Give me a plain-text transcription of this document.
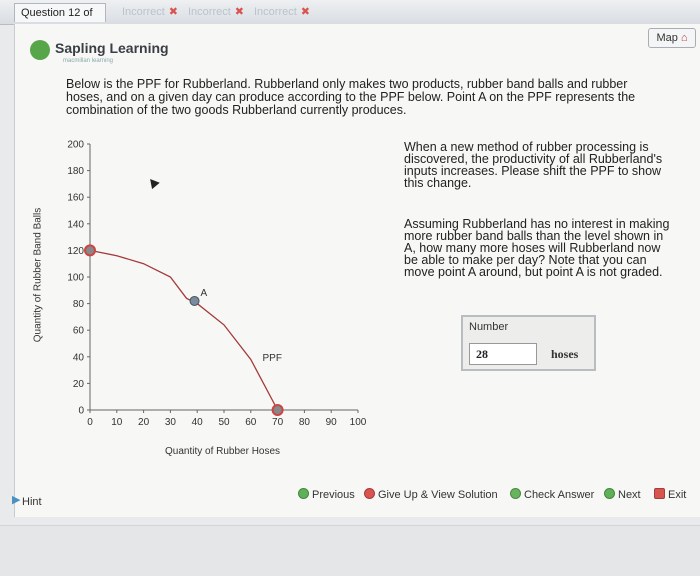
Question 12 of	Incorrect ✖ Incorrect ✖ Incorrect ✖
Map ⌂
Sapling Learning
macmillan learning
Below is the PPF for Rubberland. Rubberland only makes two products, rubber band balls and rubber hoses, and on a given day can produce according to the PPF below. Point A on the PPF represents the combination of the two goods Rubberland currently produces.
0
20
40
60
80
100
120
140
160
180
200
0 10 20 30 40 50 60 70 80 90 100
A
PPF
Quantity of Rubber Band Balls
Quantity of Rubber Hoses
When a new method of rubber processing is discovered, the productivity of all Rubberland's inputs increases. Please shift the PPF to show this change.
Assuming Rubberland has no interest in making more rubber band balls than the level shown in A, how many more hoses will Rubberland now be able to make per day? Note that you can move point A around, but point A is not graded.
Number
28	hoses
▶ Hint
Previous	Give Up & View Solution	Check Answer	Next	Exit
